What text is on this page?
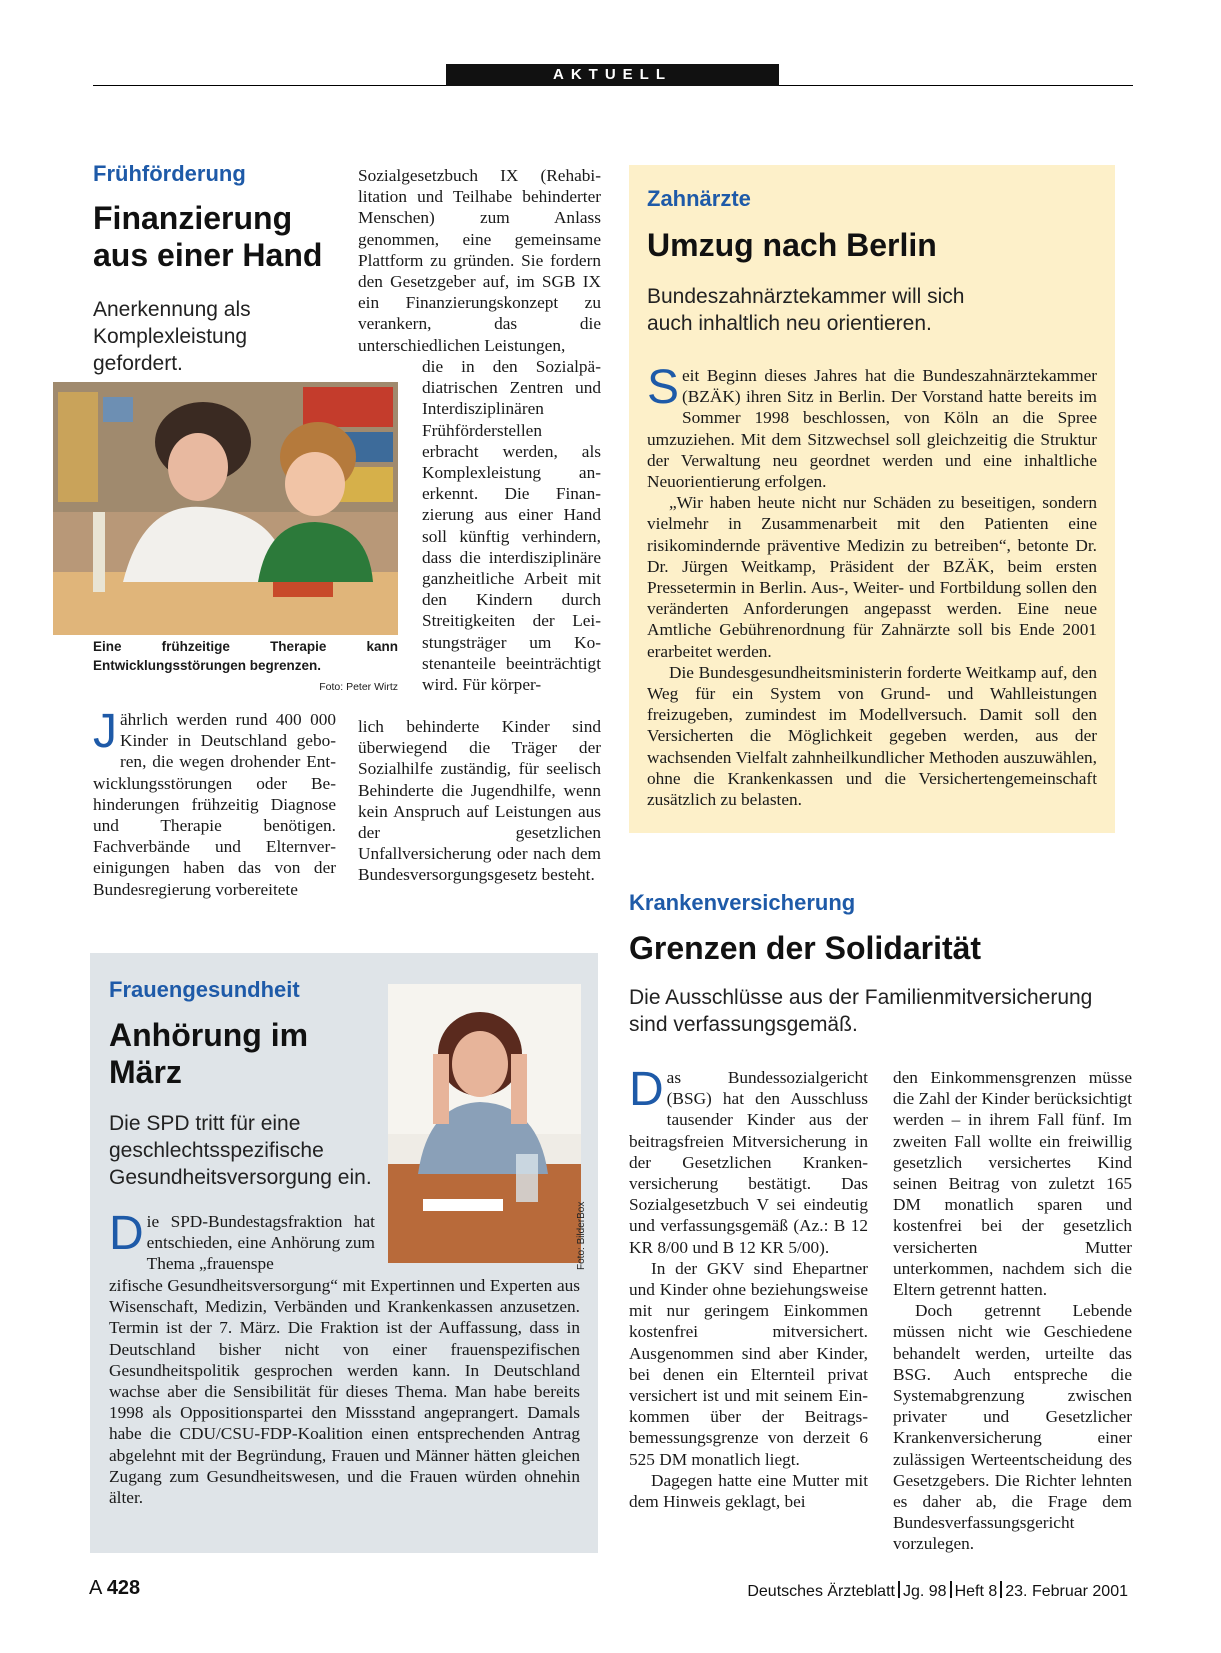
AKTUELL
Frühförderung
Finanzierung aus einer Hand
Anerkennung als Komplexleistung gefordert.
Eine frühzeitige Therapie kann Entwicklungsstörungen begrenzen.
Foto: Peter Wirtz
J ährlich werden rund 400 000 Kinder in Deutschland geboren, die wegen drohender Entwicklungsstörungen oder Behinderungen frühzeitig Diagnose und Therapie benötigen. Fachverbände und Elternvereinigungen haben das von der Bundesregierung vorbereitete
Sozialgesetzbuch IX (Rehabilitation und Teilhabe behinderter Menschen) zum Anlass genommen, eine gemeinsame Plattform zu gründen. Sie fordern den Gesetzgeber auf, im SGB IX ein Finanzierungskonzept zu verankern, das die unterschiedlichen Leistungen,
die in den Sozialpädiatrischen Zentren und Interdisziplinären Frühförderstellen erbracht werden, als Komplexleistung anerkennt. Die Finanzierung aus einer Hand soll künftig verhindern, dass die interdisziplinäre ganzheitliche Arbeit mit den Kindern durch Streitigkeiten der Leistungsträger um Kostenanteile beeinträchtigt wird. Für körper-
lich behinderte Kinder sind überwiegend die Träger der Sozialhilfe zuständig, für seelisch Behinderte die Jugendhilfe, wenn kein Anspruch auf Leistungen aus der gesetzlichen Unfallversicherung oder nach dem Bundesversorgungsgesetz besteht.
Zahnärzte
Umzug nach Berlin
Bundeszahnärztekammer will sich auch inhaltlich neu orientieren.

S eit Beginn dieses Jahres hat die Bundeszahnärztekammer (BZÄK) ihren Sitz in Berlin. Der Vorstand hatte bereits im Sommer 1998 beschlossen, von Köln an die Spree umzuziehen. Mit dem Sitzwechsel soll gleichzeitig die Struktur der Verwaltung neu geordnet werden und eine inhaltliche Neuorientierung erfolgen.

„Wir haben heute nicht nur Schäden zu beseitigen, sondern vielmehr in Zusammenarbeit mit den Patienten eine risikomindernde präventive Medizin zu betreiben“, betonte Dr. Dr. Jürgen Weitkamp, Präsident der BZÄK, beim ersten Pressetermin in Berlin. Aus-, Weiter- und Fortbildung sollen den veränderten Anforderungen angepasst werden. Eine neue Amtliche Gebührenordnung für Zahnärzte soll bis Ende 2001 erarbeitet werden.

Die Bundesgesundheitsministerin forderte Weitkamp auf, den Weg für ein System von Grund- und Wahlleistungen freizugeben, zumindest im Modellversuch. Damit soll den Versicherten die Möglichkeit gegeben werden, aus der wachsenden Vielfalt zahnheilkundlicher Methoden auszuwählen, ohne die Krankenkassen und die Versichertengemeinschaft zusätzlich zu belasten.

Frauengesundheit
Anhörung im März
Die SPD tritt für eine geschlechtsspezifische Gesundheitsversorgung ein.
Foto: BilderBox
D ie SPD-Bundestagsfraktion hat entschieden, eine Anhörung zum Thema „frauenspe
zifische Gesundheitsversorgung“ mit Expertinnen und Experten aus Wisenschaft, Medizin, Verbänden und Krankenkassen anzusetzen. Termin ist der 7. März. Die Fraktion ist der Auffassung, dass in Deutschland bisher nicht von einer frauenspezifischen Gesundheitspolitik gesprochen werden kann. In Deutschland wachse aber die Sensibilität für dieses Thema. Man habe bereits 1998 als Oppositionspartei den Missstand angeprangert. Damals habe die CDU/CSU-FDP-Koalition einen entsprechenden Antrag abgelehnt mit der Begründung, Frauen und Männer hätten gleichen Zugang zum Gesundheitswesen, und die Frauen würden ohnehin älter.
Krankenversicherung
Grenzen der Solidarität
Die Ausschlüsse aus der Familienmitversicherung sind verfassungsgemäß.

D as Bundessozialgericht (BSG) hat den Ausschluss tausender Kinder aus der beitragsfreien Mitversicherung in der Gesetzlichen Krankenversicherung bestätigt. Das Sozialgesetzbuch V sei eindeutig und verfassungsgemäß (Az.: B 12 KR 8/00 und B 12 KR 5/00).

In der GKV sind Ehepartner und Kinder ohne beziehungsweise mit nur geringem Einkommen kostenfrei mitversichert. Ausgenommen sind aber Kinder, bei denen ein Elternteil privat versichert ist und mit seinem Einkommen über der Beitragsbemessungsgrenze von derzeit 6 525 DM monatlich liegt.

Dagegen hatte eine Mutter mit dem Hinweis geklagt, bei

den Einkommensgrenzen müsse die Zahl der Kinder berücksichtigt werden – in ihrem Fall fünf. Im zweiten Fall wollte ein freiwillig gesetzlich versichertes Kind seinen Beitrag von zuletzt 165 DM monatlich sparen und kostenfrei bei der gesetzlich versicherten Mutter unterkommen, nachdem sich die Eltern getrennt hatten.

Doch getrennt Lebende müssen nicht wie Geschiedene behandelt werden, urteilte das BSG. Auch entspreche die Systemabgrenzung zwischen privater und Gesetzlicher Krankenversicherung einer zulässigen Werteentscheidung des Gesetzgebers. Die Richter lehnten es daher ab, die Frage dem Bundesverfassungsgericht vorzulegen.

A 428	Deutsches Ärzteblatt Jg. 98 Heft 8 23. Februar 2001
